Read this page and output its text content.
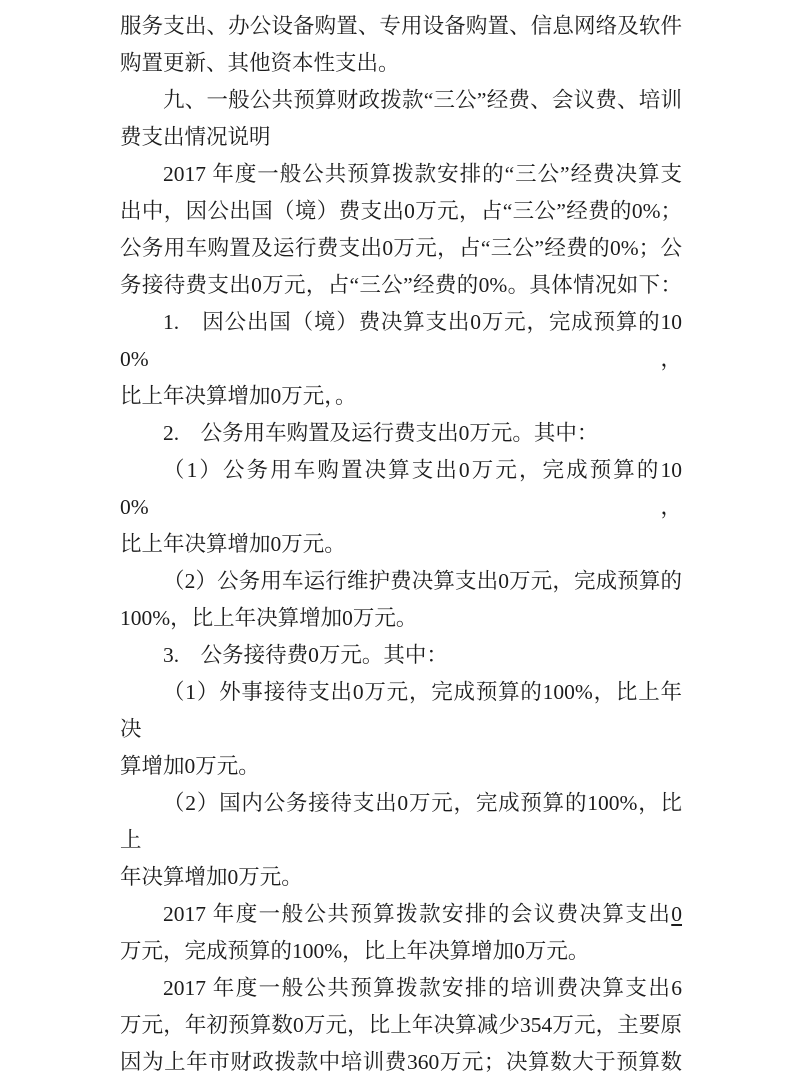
服务支出、办公设备购置、专用设备购置、信息网络及软件
购置更新、其他资本性支出。
九、一般公共预算财政拨款“三公”经费、会议费、培训
费支出情况说明
2017 年度一般公共预算拨款安排的“三公”经费决算支
出中，因公出国（境）费支出0万元，占“三公”经费的0%；
公务用车购置及运行费支出0万元，占“三公”经费的0%；公
务接待费支出0万元，占“三公”经费的0%。具体情况如下：
1.　因公出国（境）费决算支出0万元，完成预算的100%，
比上年决算增加0万元，。
2.　公务用车购置及运行费支出0万元。其中：
（1）公务用车购置决算支出0万元，完成预算的100%，
比上年决算增加0万元。
（2）公务用车运行维护费决算支出0万元，完成预算的
100%，比上年决算增加0万元。
3.　公务接待费0万元。其中：
（1）外事接待支出0万元，完成预算的100%，比上年决
算增加0万元。
（2）国内公务接待支出0万元，完成预算的100%，比上
年决算增加0万元。
2017 年度一般公共预算拨款安排的会议费决算支出0
万元，完成预算的100%，比上年决算增加0万元。
2017 年度一般公共预算拨款安排的培训费决算支出6
万元，年初预算数0万元，比上年决算减少354万元，主要原
因为上年市财政拨款中培训费360万元；决算数大于预算数
